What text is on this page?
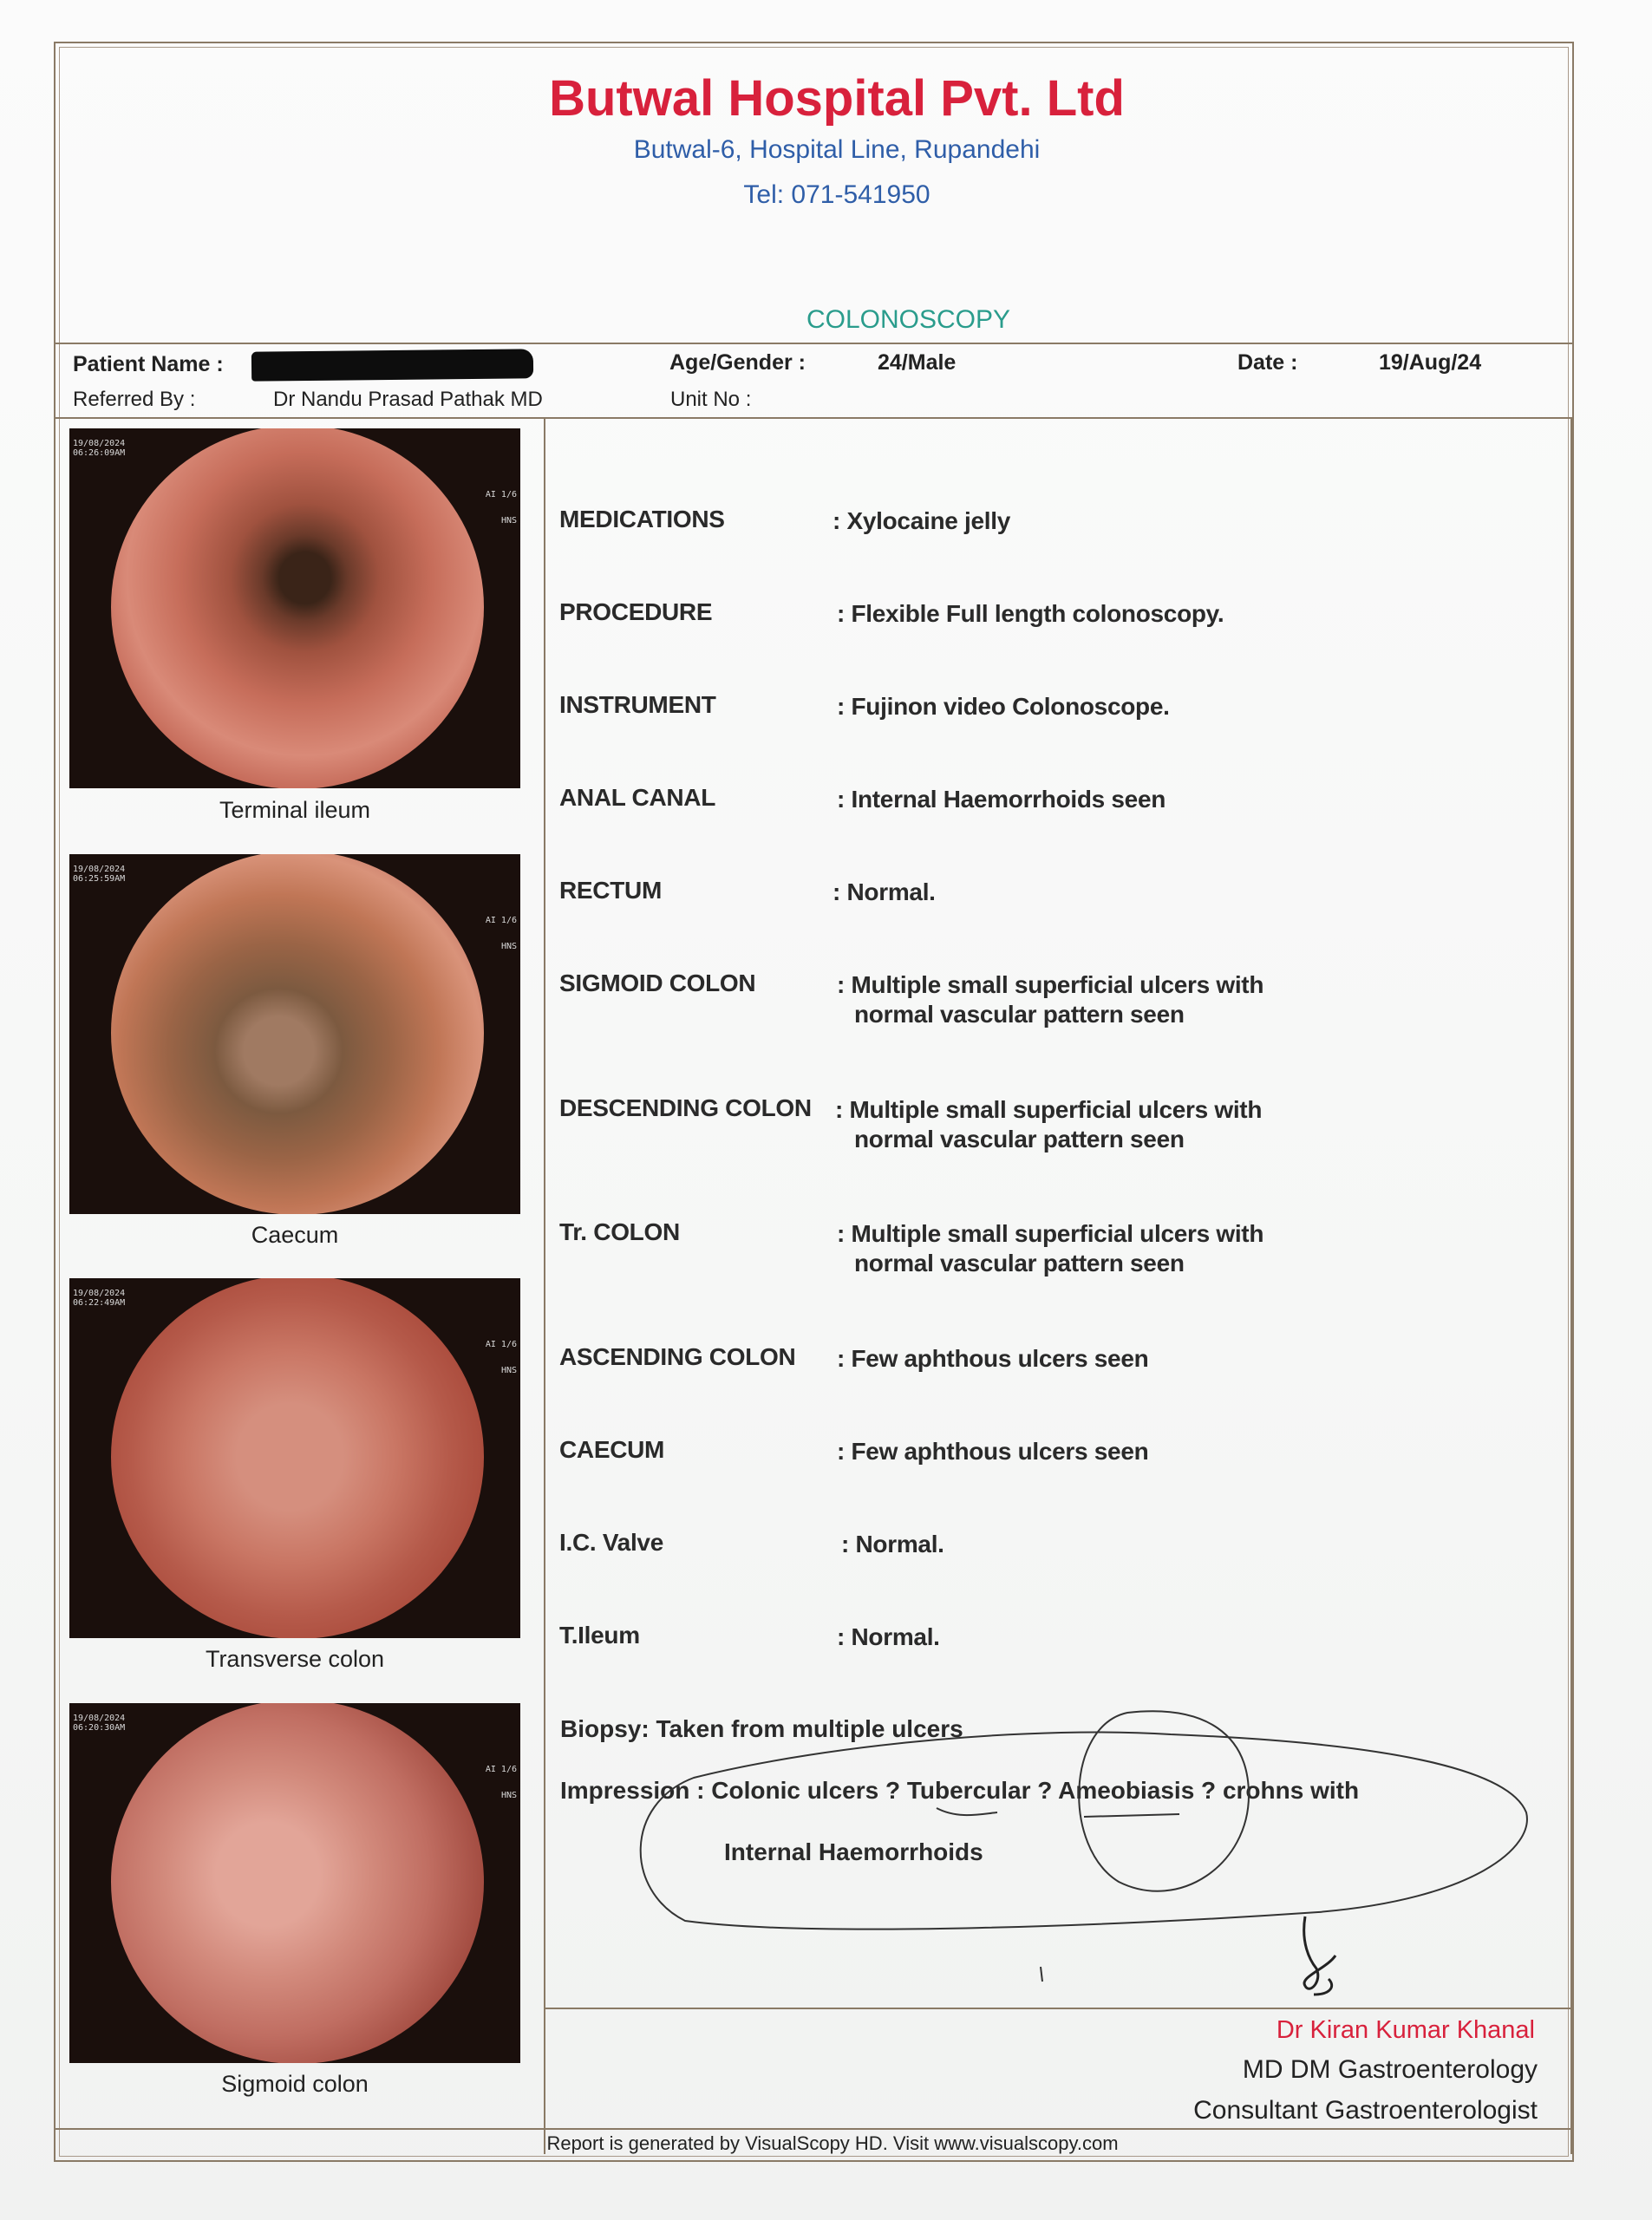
Butwal Hospital Pvt. Ltd
Butwal-6, Hospital Line, Rupandehi
Tel: 071-541950
COLONOSCOPY
Patient Name :	Age/Gender :	24/Male	Date :	19/Aug/24
Referred By :	Dr Nandu Prasad Pathak MD	Unit No :
19/08/2024
06:26:09AM
AI 1/6
HNS
Terminal ileum
19/08/2024
06:25:59AM
AI 1/6
HNS
Caecum
19/08/2024
06:22:49AM
AI 1/6
HNS
Transverse colon
19/08/2024
06:20:30AM
AI 1/6
HNS
Sigmoid colon
MEDICATIONS	: Xylocaine jelly
PROCEDURE	: Flexible Full length colonoscopy.
INSTRUMENT	: Fujinon video Colonoscope.
ANAL CANAL	: Internal Haemorrhoids seen
RECTUM	: Normal.
SIGMOID COLON	: Multiple small superficial ulcers with
normal vascular pattern seen
DESCENDING COLON : Multiple small superficial ulcers with
normal vascular pattern seen
Tr. COLON	: Multiple small superficial ulcers with
normal vascular pattern seen
ASCENDING COLON : Few aphthous ulcers seen
CAECUM	: Few aphthous ulcers seen
I.C. Valve	: Normal.
T.Ileum	: Normal.
Biopsy: Taken from multiple ulcers
Impression : Colonic ulcers ? Tubercular ? Ameobiasis ? crohns with
Internal Haemorrhoids
Dr Kiran Kumar Khanal
MD DM Gastroenterology
Consultant Gastroenterologist
Report is generated by VisualScopy HD. Visit www.visualscopy.com
